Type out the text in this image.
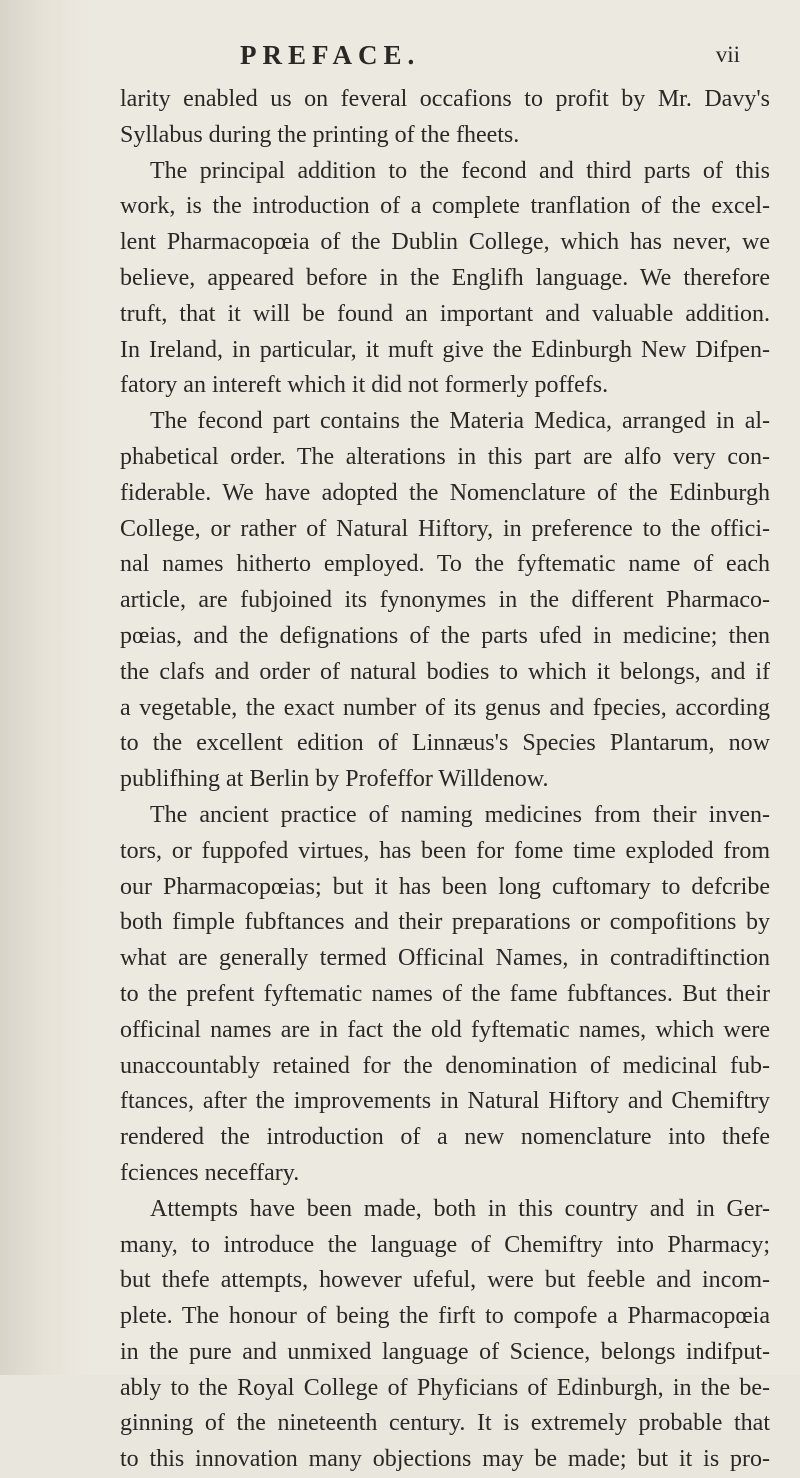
PREFACE.	vii
larity enabled us on feveral occafions to profit by Mr. Davy's
Syllabus during the printing of the fheets.
The principal addition to the fecond and third parts of this
work, is the introduction of a complete tranflation of the excel-
lent Pharmacopœia of the Dublin College, which has never, we
believe, appeared before in the Englifh language. We therefore
truft, that it will be found an important and valuable addition.
In Ireland, in particular, it muft give the Edinburgh New Difpen-
fatory an intereft which it did not formerly poffefs.
The fecond part contains the Materia Medica, arranged in al-
phabetical order. The alterations in this part are alfo very con-
fiderable. We have adopted the Nomenclature of the Edinburgh
College, or rather of Natural Hiftory, in preference to the offici-
nal names hitherto employed. To the fyftematic name of each
article, are fubjoined its fynonymes in the different Pharmaco-
pœias, and the defignations of the parts ufed in medicine; then
the clafs and order of natural bodies to which it belongs, and if
a vegetable, the exact number of its genus and fpecies, according
to the excellent edition of Linnæus's Species Plantarum, now
publifhing at Berlin by Profeffor Willdenow.
The ancient practice of naming medicines from their inven-
tors, or fuppofed virtues, has been for fome time exploded from
our Pharmacopœias; but it has been long cuftomary to defcribe
both fimple fubftances and their preparations or compofitions by
what are generally termed Officinal Names, in contradiftinction
to the prefent fyftematic names of the fame fubftances. But their
officinal names are in fact the old fyftematic names, which were
unaccountably retained for the denomination of medicinal fub-
ftances, after the improvements in Natural Hiftory and Chemiftry
rendered the introduction of a new nomenclature into thefe
fciences neceffary.
Attempts have been made, both in this country and in Ger-
many, to introduce the language of Chemiftry into Pharmacy;
but thefe attempts, however ufeful, were but feeble and incom-
plete. The honour of being the firft to compofe a Pharmacopœia
in the pure and unmixed language of Science, belongs indifput-
ably to the Royal College of Phyficians of Edinburgh, in the be-
ginning of the nineteenth century. It is extremely probable that
to this innovation many objections may be made; but it is pro-
